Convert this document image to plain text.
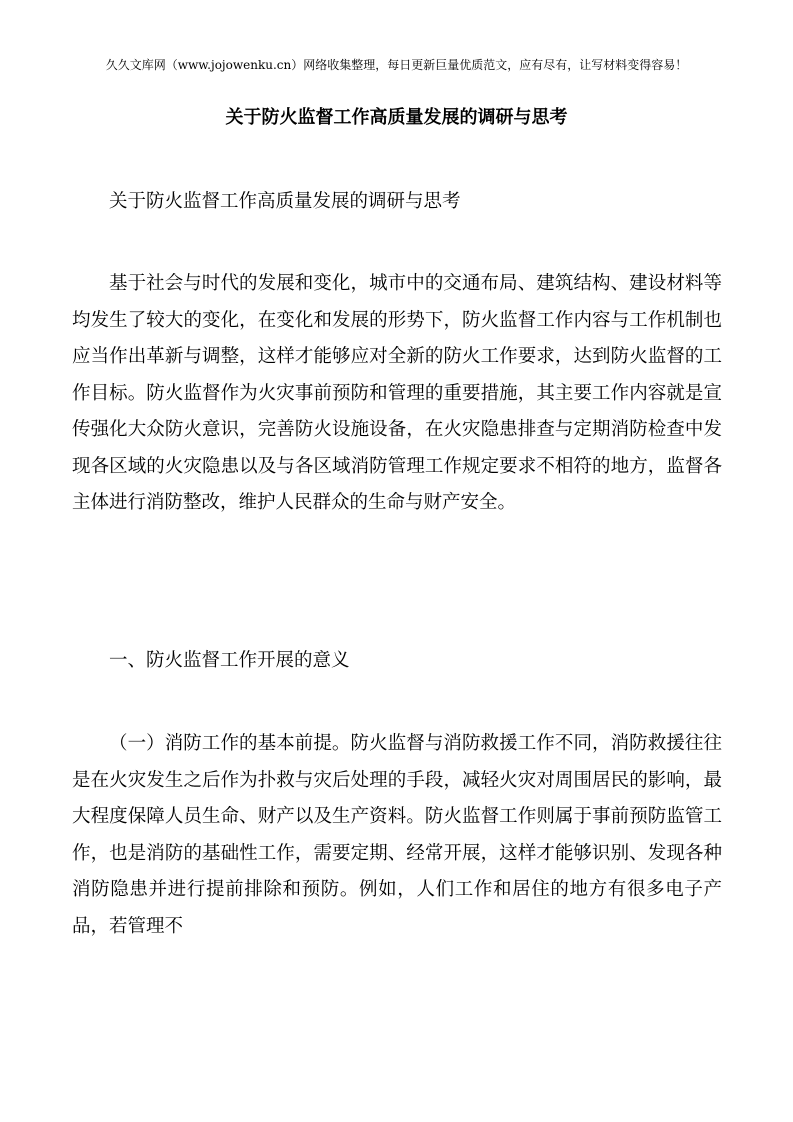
久久文库网（www.jojowenku.cn）网络收集整理，每日更新巨量优质范文，应有尽有，让写材料变得容易！
关于防火监督工作高质量发展的调研与思考

关于防火监督工作高质量发展的调研与思考

基于社会与时代的发展和变化，城市中的交通布局、建筑结构、建设材料等均发生了较大的变化，在变化和发展的形势下，防火监督工作内容与工作机制也应当作出革新与调整，这样才能够应对全新的防火工作要求，达到防火监督的工作目标。防火监督作为火灾事前预防和管理的重要措施，其主要工作内容就是宣传强化大众防火意识，完善防火设施设备，在火灾隐患排查与定期消防检查中发现各区域的火灾隐患以及与各区域消防管理工作规定要求不相符的地方，监督各主体进行消防整改，维护人民群众的生命与财产安全。

一、防火监督工作开展的意义

（一）消防工作的基本前提。防火监督与消防救援工作不同，消防救援往往是在火灾发生之后作为扑救与灾后处理的手段，减轻火灾对周围居民的影响，最大程度保障人员生命、财产以及生产资料。防火监督工作则属于事前预防监管工作，也是消防的基础性工作，需要定期、经常开展，这样才能够识别、发现各种消防隐患并进行提前排除和预防。例如，人们工作和居住的地方有很多电子产品，若管理不
